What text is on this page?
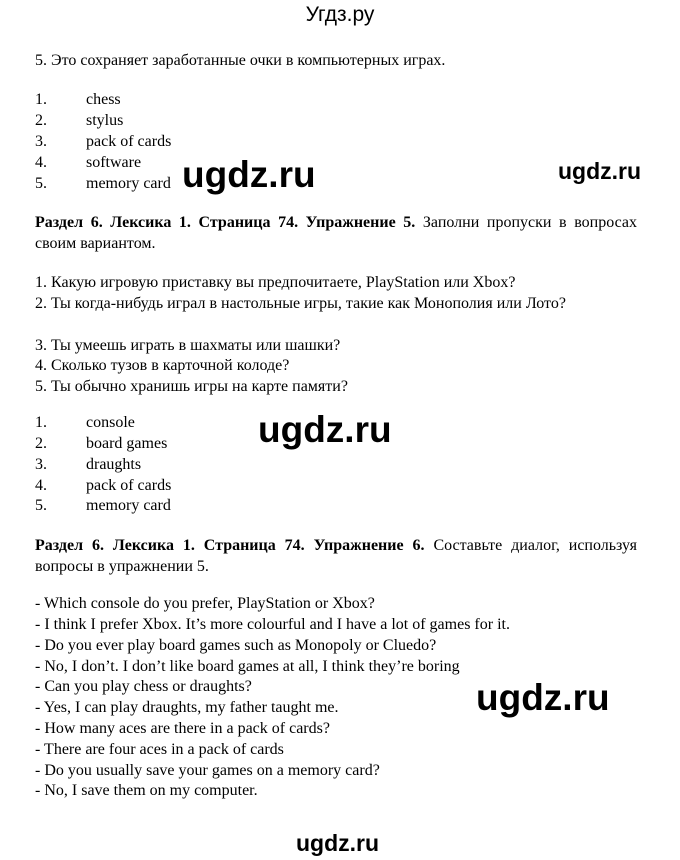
Угдз.ру
5. Это сохраняет заработанные очки в компьютерных играх.
1. chess
2. stylus
3. pack of cards
4. software
5. memory card
Раздел 6. Лексика 1. Страница 74. Упражнение 5. Заполни пропуски в вопросах своим вариантом.
1. Какую игровую приставку вы предпочитаете, PlayStation или Xbox?
2. Ты когда-нибудь играл в настольные игры, такие как Монополия или Лото?
3. Ты умеешь играть в шахматы или шашки?
4. Сколько тузов в карточной колоде?
5. Ты обычно хранишь игры на карте памяти?
1. console
2. board games
3. draughts
4. pack of cards
5. memory card
Раздел 6. Лексика 1. Страница 74. Упражнение 6. Составьте диалог, используя вопросы в упражнении 5.
- Which console do you prefer, PlayStation or Xbox?
- I think I prefer Xbox. It’s more colourful and I have a lot of games for it.
- Do you ever play board games such as Monopoly or Cluedo?
- No, I don’t. I don’t like board games at all, I think they’re boring
- Can you play chess or draughts?
- Yes, I can play draughts, my father taught me.
- How many aces are there in a pack of cards?
- There are four aces in a pack of cards
- Do you usually save your games on a memory card?
- No, I save them on my computer.
ugdz.ru	ugdz.ru
ugdz.ru
ugdz.ru
ugdz.ru
